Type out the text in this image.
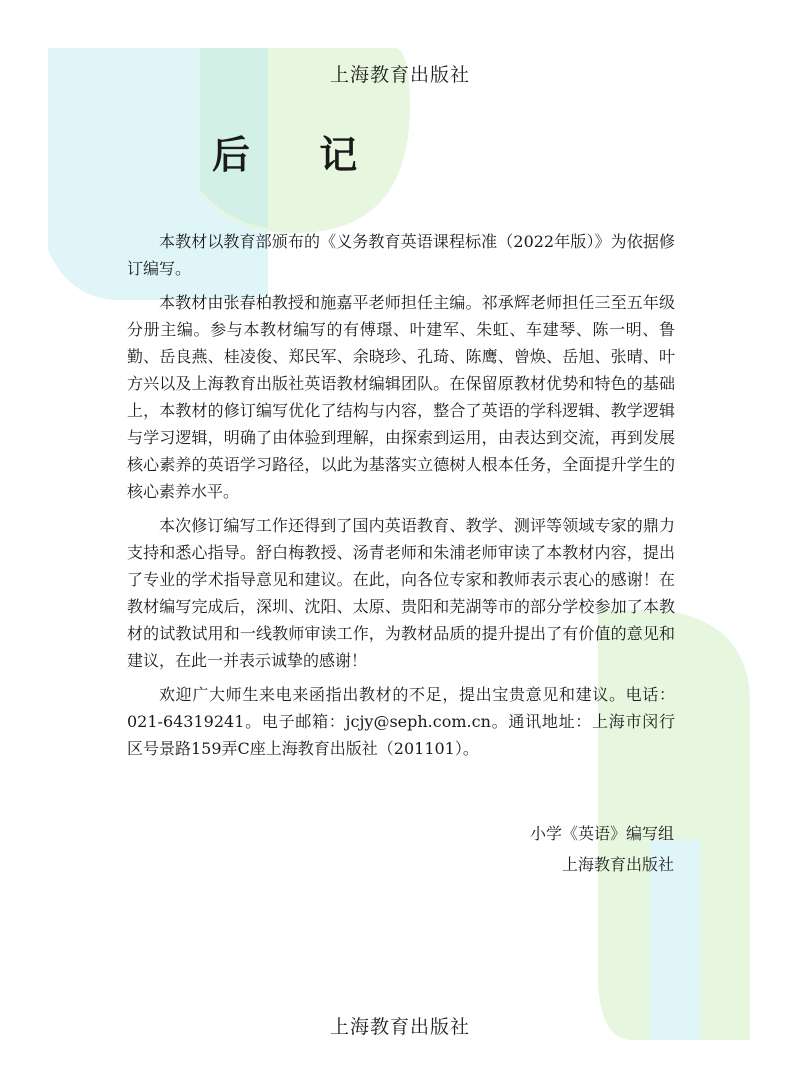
上海教育出版社
后 记

本教材以教育部颁布的《义务教育英语课程标准（2022年版）》为依据修订编写。

本教材由张春柏教授和施嘉平老师担任主编。祁承辉老师担任三至五年级分册主编。参与本教材编写的有傅璟、叶建军、朱虹、车建琴、陈一明、鲁勤、岳良燕、桂凌俊、郑民军、余晓珍、孔琦、陈鹰、曾焕、岳旭、张晴、叶方兴以及上海教育出版社英语教材编辑团队。在保留原教材优势和特色的基础上，本教材的修订编写优化了结构与内容，整合了英语的学科逻辑、教学逻辑与学习逻辑，明确了由体验到理解，由探索到运用，由表达到交流，再到发展核心素养的英语学习路径，以此为基落实立德树人根本任务，全面提升学生的核心素养水平。

本次修订编写工作还得到了国内英语教育、教学、测评等领域专家的鼎力支持和悉心指导。舒白梅教授、汤青老师和朱浦老师审读了本教材内容，提出了专业的学术指导意见和建议。在此，向各位专家和教师表示衷心的感谢！在教材编写完成后，深圳、沈阳、太原、贵阳和芜湖等市的部分学校参加了本教材的试教试用和一线教师审读工作，为教材品质的提升提出了有价值的意见和建议，在此一并表示诚挚的感谢！

欢迎广大师生来电来函指出教材的不足，提出宝贵意见和建议。电话：021-64319241。电子邮箱：jcjy@seph.com.cn。通讯地址：上海市闵行区号景路159弄C座上海教育出版社（201101）。

小学《英语》编写组
上海教育出版社
上海教育出版社
